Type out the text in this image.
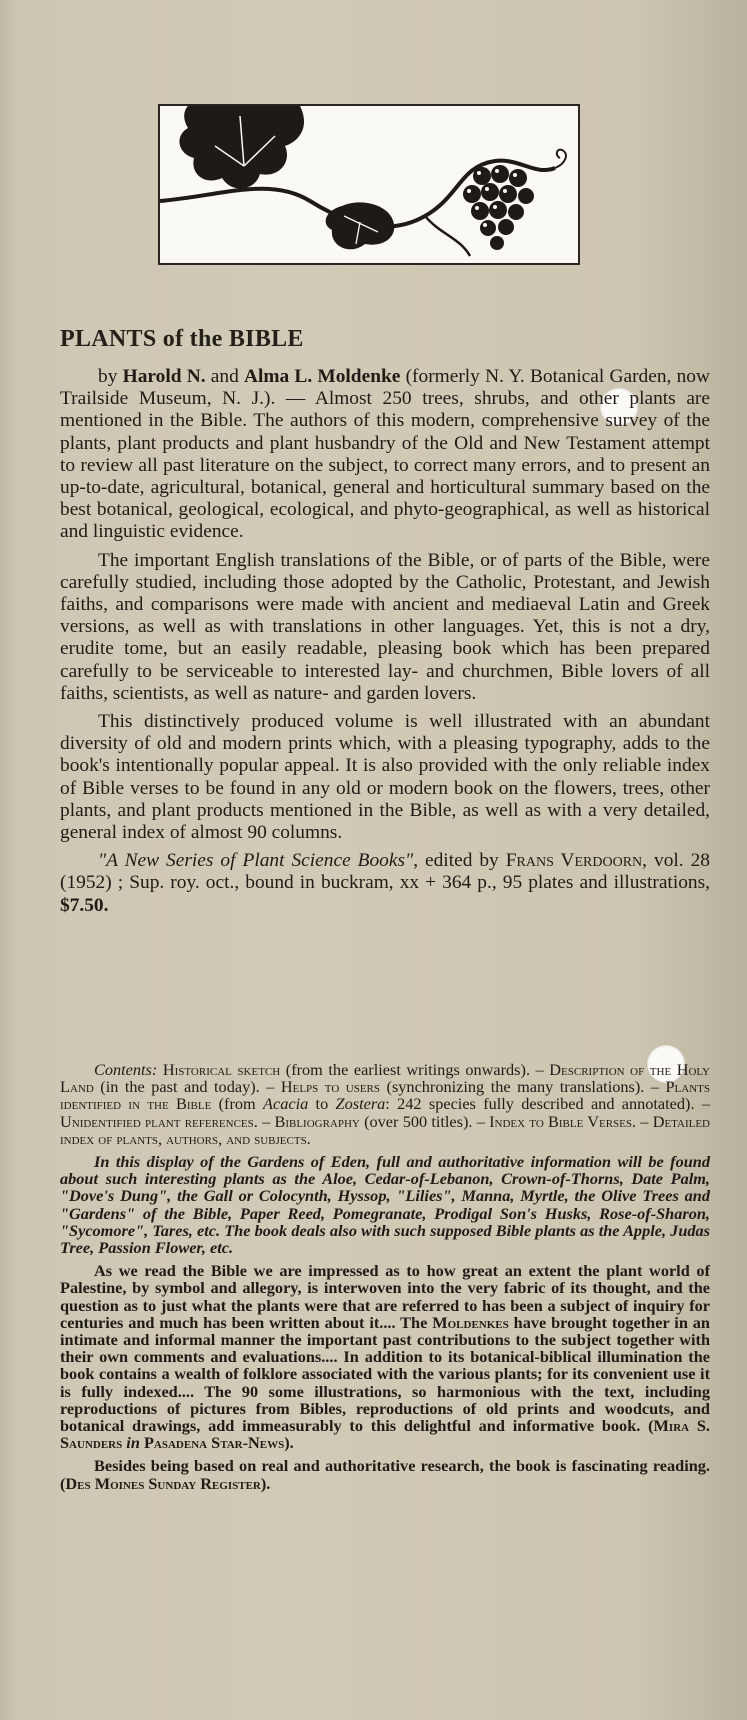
PLANTS of the BIBLE

by Harold N. and Alma L. Moldenke (formerly N. Y. Botanical Garden, now Trailside Museum, N. J.). — Almost 250 trees, shrubs, and other plants are mentioned in the Bible. The authors of this modern, comprehensive survey of the plants, plant products and plant husbandry of the Old and New Testament attempt to review all past literature on the subject, to correct many errors, and to present an up-to-date, agricultural, botanical, general and horticultural summary based on the best botanical, geological, ecological, and phyto-geographical, as well as historical and linguistic evidence.

The important English translations of the Bible, or of parts of the Bible, were carefully studied, including those adopted by the Catholic, Protestant, and Jewish faiths, and comparisons were made with ancient and mediaeval Latin and Greek versions, as well as with translations in other languages. Yet, this is not a dry, erudite tome, but an easily readable, pleasing book which has been prepared carefully to be serviceable to interested lay- and churchmen, Bible lovers of all faiths, scientists, as well as nature- and garden lovers.

This distinctively produced volume is well illustrated with an abundant diversity of old and modern prints which, with a pleasing typography, adds to the book's intentionally popular appeal. It is also provided with the only reliable index of Bible verses to be found in any old or modern book on the flowers, trees, other plants, and plant products mentioned in the Bible, as well as with a very detailed, general index of almost 90 columns.

"A New Series of Plant Science Books", edited by Frans Verdoorn, vol. 28 (1952) ; Sup. roy. oct., bound in buckram, xx + 364 p., 95 plates and illustrations, $7.50.

Contents: Historical sketch (from the earliest writings onwards). – Description of the Holy Land (in the past and today). – Helps to users (synchronizing the many translations). – Plants identified in the Bible (from Acacia to Zostera: 242 species fully described and annotated). – Unidentified plant references. – Bibliography (over 500 titles). – Index to Bible Verses. – Detailed index of plants, authors, and subjects.

In this display of the Gardens of Eden, full and authoritative information will be found about such interesting plants as the Aloe, Cedar-of-Lebanon, Crown-of-Thorns, Date Palm, "Dove's Dung", the Gall or Colocynth, Hyssop, "Lilies", Manna, Myrtle, the Olive Trees and "Gardens" of the Bible, Paper Reed, Pomegranate, Prodigal Son's Husks, Rose-of-Sharon, "Sycomore", Tares, etc. The book deals also with such supposed Bible plants as the Apple, Judas Tree, Passion Flower, etc.

As we read the Bible we are impressed as to how great an extent the plant world of Palestine, by symbol and allegory, is interwoven into the very fabric of its thought, and the question as to just what the plants were that are referred to has been a subject of inquiry for centuries and much has been written about it.... The Moldenkes have brought together in an intimate and informal manner the important past contributions to the subject together with their own comments and evaluations.... In addition to its botanical-biblical illumination the book contains a wealth of folklore associated with the various plants; for its convenient use it is fully indexed.... The 90 some illustrations, so harmonious with the text, including reproductions of pictures from Bibles, reproductions of old prints and woodcuts, and botanical drawings, add immeasurably to this delightful and informative book. (Mira S. Saunders in Pasadena Star-News).

Besides being based on real and authoritative research, the book is fascinating reading. (Des Moines Sunday Register).
